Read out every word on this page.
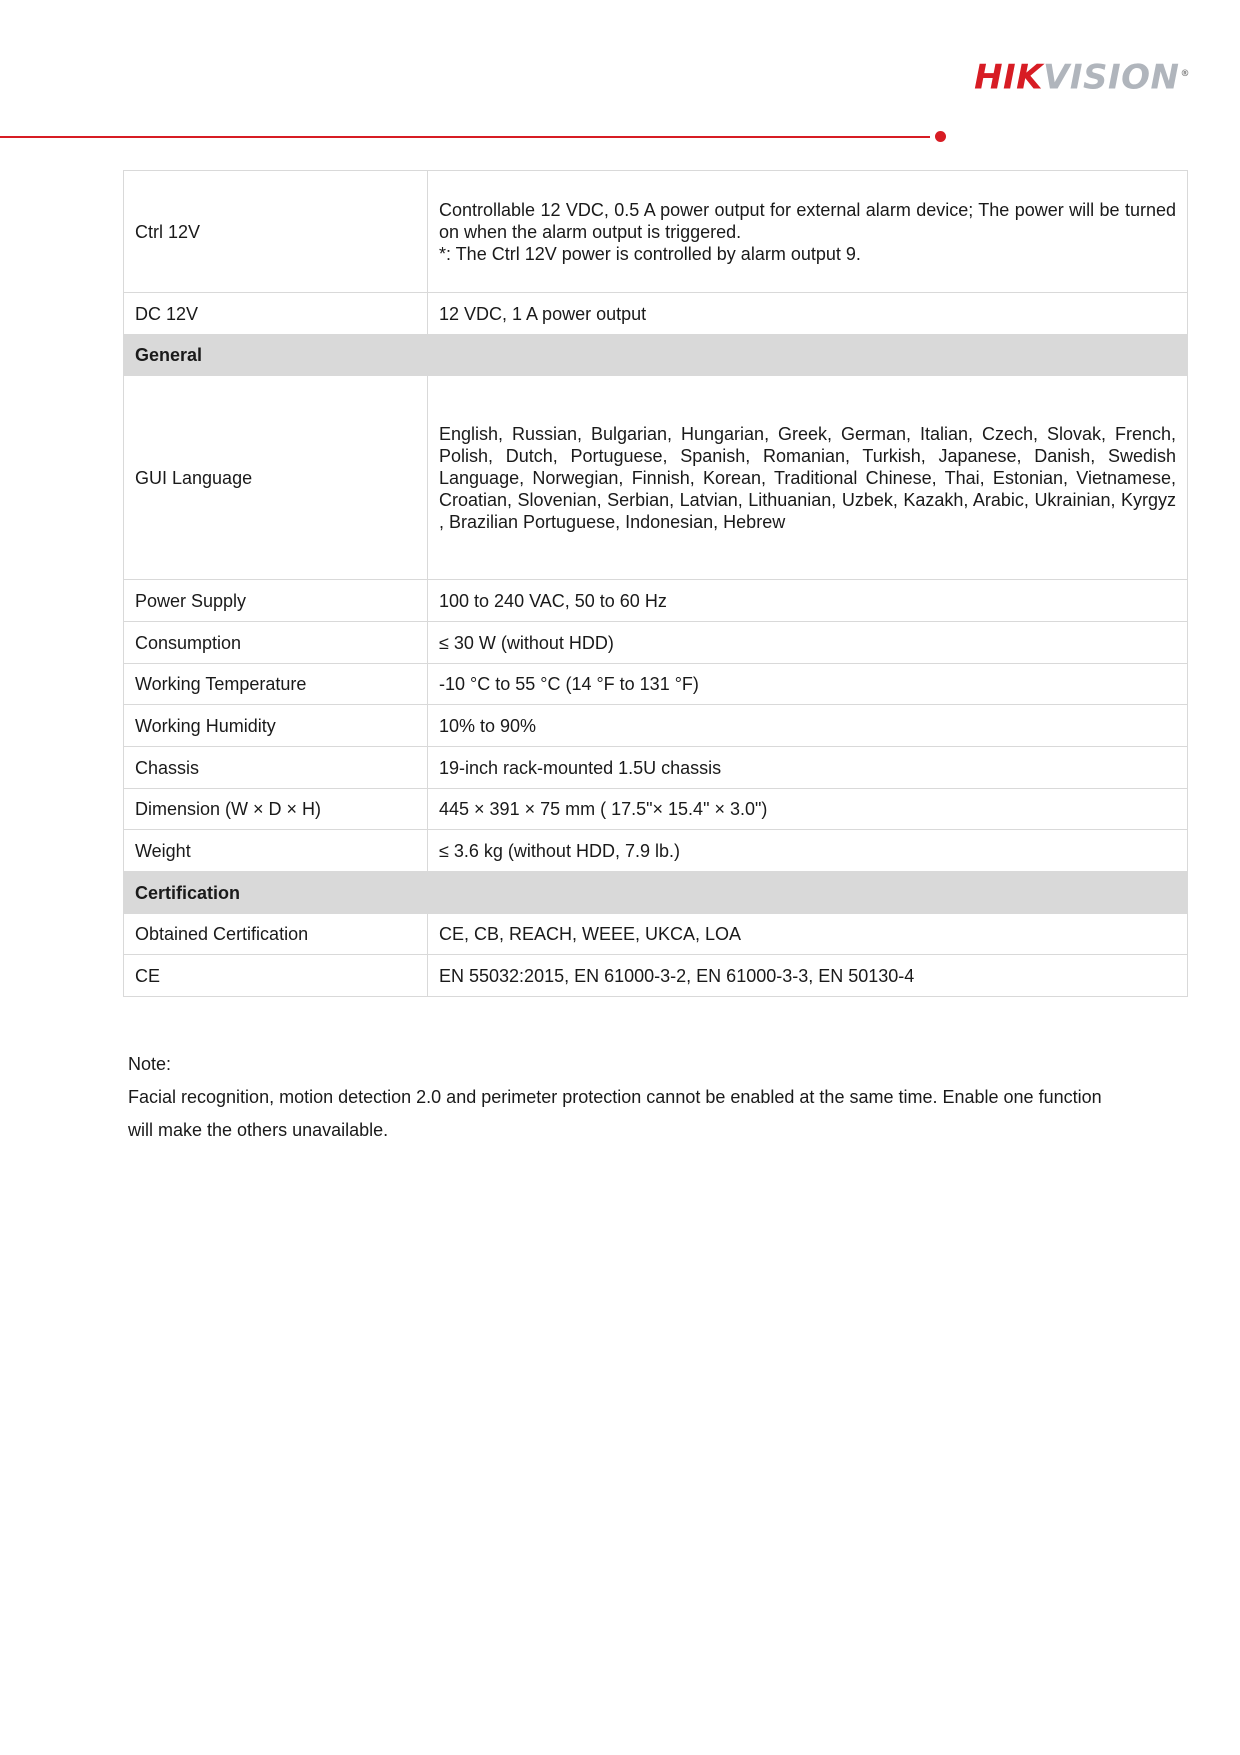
HIKVISION®
Ctrl 12V	Controllable 12 VDC, 0.5 A power output for external alarm device; The power will be turned on when the alarm output is triggered.
*: The Ctrl 12V power is controlled by alarm output 9.

DC 12V	12 VDC, 1 A power output
General	
GUI Language	English, Russian, Bulgarian, Hungarian, Greek, German, Italian, Czech, Slovak, French, Polish, Dutch, Portuguese, Spanish, Romanian, Turkish, Japanese, Danish, Swedish Language, Norwegian, Finnish, Korean, Traditional Chinese, Thai, Estonian, Vietnamese, Croatian, Slovenian, Serbian, Latvian, Lithuanian, Uzbek, Kazakh, Arabic, Ukrainian, Kyrgyz , Brazilian Portuguese, Indonesian, Hebrew
Power Supply	100 to 240 VAC, 50 to 60 Hz
Consumption	≤ 30 W (without HDD)
Working Temperature	-10 °C to 55 °C (14 °F to 131 °F)
Working Humidity	10% to 90%
Chassis	19-inch rack-mounted 1.5U chassis
Dimension (W × D × H)	445 × 391 × 75 mm ( 17.5"× 15.4" × 3.0")
Weight	≤ 3.6 kg (without HDD, 7.9 lb.)
Certification	
Obtained Certification	CE, CB, REACH, WEEE, UKCA, LOA
CE	EN 55032:2015, EN 61000-3-2, EN 61000-3-3, EN 50130-4
Note:
Facial recognition, motion detection 2.0 and perimeter protection cannot be enabled at the same time. Enable one function will make the others unavailable.
